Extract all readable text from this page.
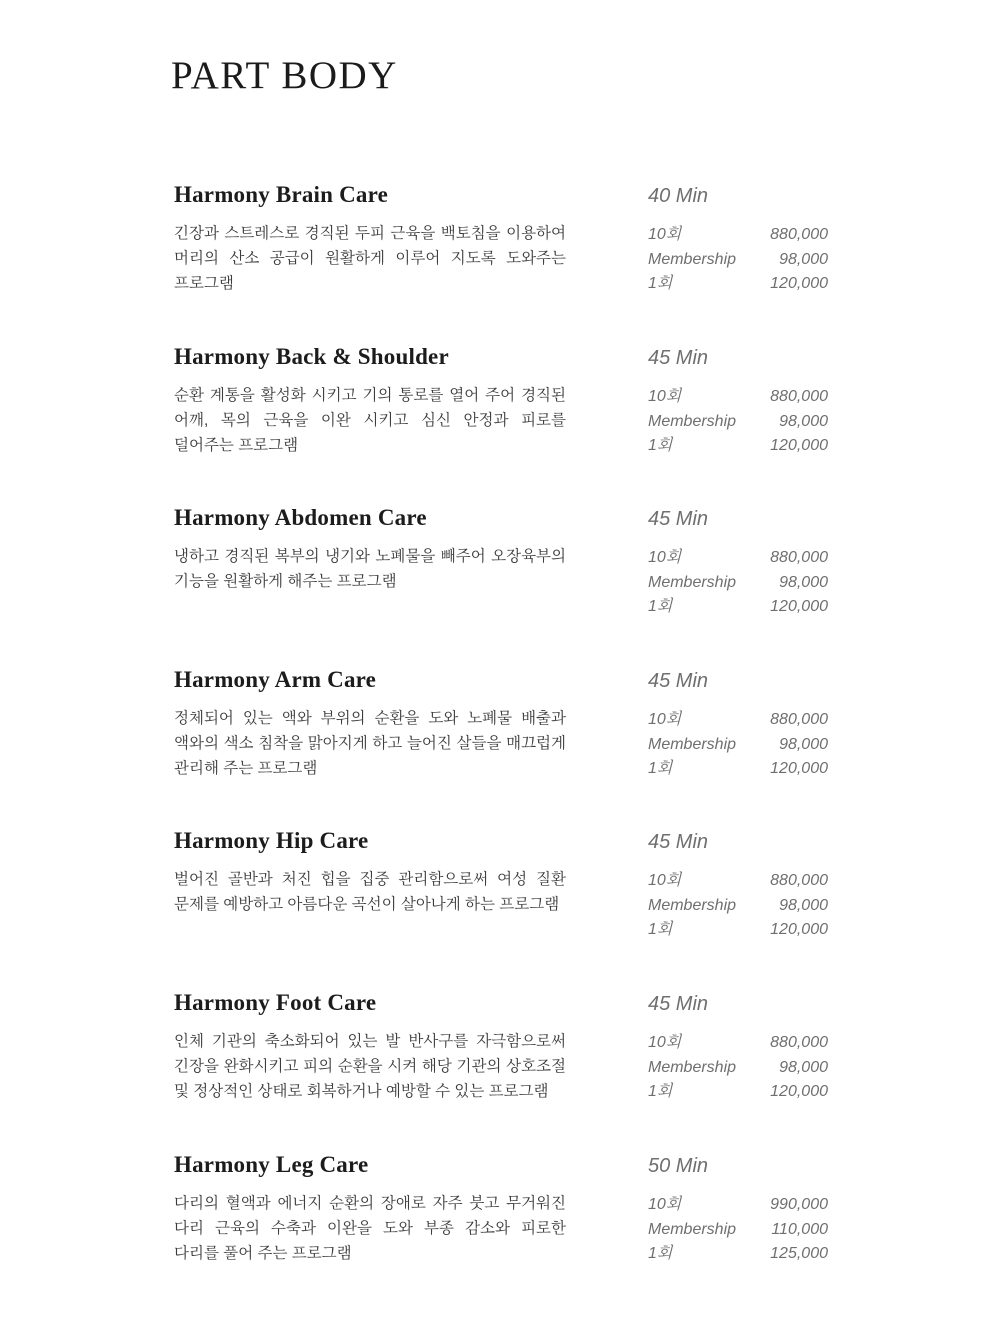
PART BODY
Harmony Brain Care

긴장과 스트레스로 경직된 두피 근육을 백토침을 이용하여 머리의 산소 공급이 원활하게 이루어 지도록 도와주는 프로그램

40 Min
10회	880,000
Membership	98,000
1회	120,000
Harmony Back & Shoulder

순환 계통을 활성화 시키고 기의 통로를 열어 주어 경직된 어깨, 목의 근육을 이완 시키고 심신 안정과 피로를 덜어주는 프로그램

45 Min
10회	880,000
Membership	98,000
1회	120,000
Harmony Abdomen Care

냉하고 경직된 복부의 냉기와 노폐물을 빼주어 오장육부의 기능을 원활하게 해주는 프로그램

45 Min
10회	880,000
Membership	98,000
1회	120,000
Harmony Arm Care

정체되어 있는 액와 부위의 순환을 도와 노폐물 배출과 액와의 색소 침착을 맑아지게 하고 늘어진 살들을 매끄럽게 관리해 주는 프로그램

45 Min
10회	880,000
Membership	98,000
1회	120,000
Harmony Hip Care

벌어진 골반과 처진 힙을 집중 관리함으로써 여성 질환 문제를 예방하고 아름다운 곡선이 살아나게 하는 프로그램

45 Min
10회	880,000
Membership	98,000
1회	120,000
Harmony Foot Care

인체 기관의 축소화되어 있는 발 반사구를 자극함으로써 긴장을 완화시키고 피의 순환을 시켜 해당 기관의 상호조절 및 정상적인 상태로 회복하거나 예방할 수 있는 프로그램

45 Min
10회	880,000
Membership	98,000
1회	120,000
Harmony Leg Care

다리의 혈액과 에너지 순환의 장애로 자주 붓고 무거워진 다리 근육의 수축과 이완을 도와 부종 감소와 피로한 다리를 풀어 주는 프로그램

50 Min
10회	990,000
Membership 110,000
1회	125,000
